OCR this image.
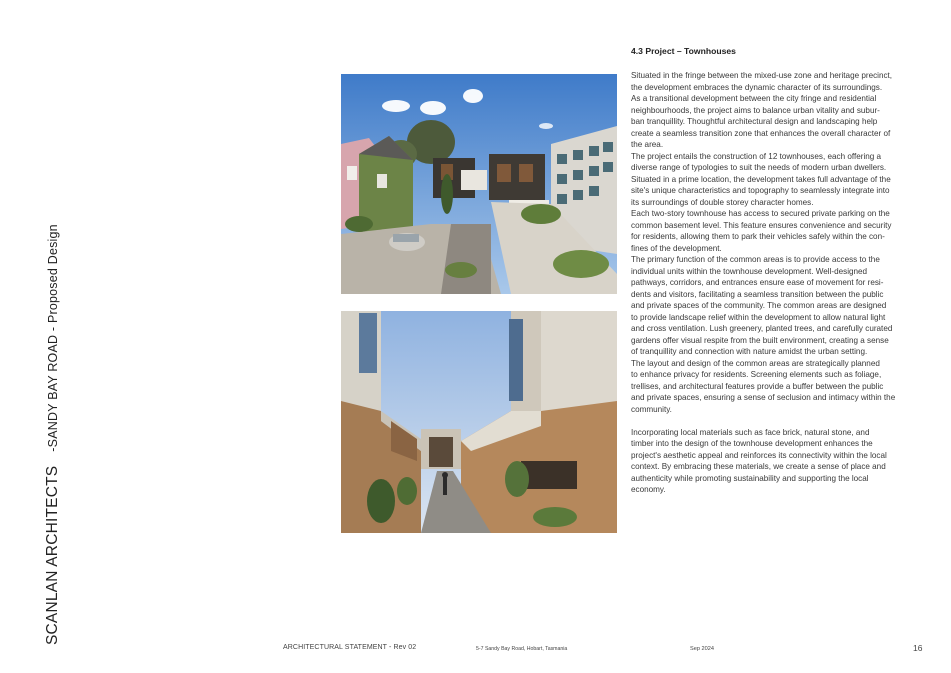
SCANLAN ARCHITECTS-SANDY BAY ROAD - Proposed Design
4.3 Project – Townhouses

Situated in the fringe between the mixed-use zone and heritage precinct,

the development embraces the dynamic character of its surroundings.

As a transitional development between the city fringe and residential

neighbourhoods, the project aims to balance urban vitality and subur-

ban tranquillity. Thoughtful architectural design and landscaping help

create a seamless transition zone that enhances the overall character of

the area.

The project entails the construction of 12 townhouses, each offering a

diverse range of typologies to suit the needs of modern urban dwellers.

Situated in a prime location, the development takes full advantage of the

site's unique characteristics and topography to seamlessly integrate into

its surroundings of double storey character homes.

Each two-story townhouse has access to secured private parking on the

common basement level. This feature ensures convenience and security

for residents, allowing them to park their vehicles safely within the con-

fines of the development.

The primary function of the common areas is to provide access to the

individual units within the townhouse development. Well-designed

pathways, corridors, and entrances ensure ease of movement for resi-

dents and visitors, facilitating a seamless transition between the public

and private spaces of the community. The common areas are designed

to provide landscape relief within the development to allow natural light

and cross ventilation. Lush greenery, planted trees, and carefully curated

gardens offer visual respite from the built environment, creating a sense

of tranquillity and connection with nature amidst the urban setting.

The layout and design of the common areas are strategically planned

to enhance privacy for residents. Screening elements such as foliage,

trellises, and architectural features provide a buffer between the public

and private spaces, ensuring a sense of seclusion and intimacy within the

community.

Incorporating local materials such as face brick, natural stone, and

timber into the design of the townhouse development enhances the

project's aesthetic appeal and reinforces its connectivity within the local

context. By embracing these materials, we create a sense of place and

authenticity while promoting sustainability and supporting the local

economy.

ARCHITECTURAL STATEMENT - Rev 02	5-7 Sandy Bay Road, Hobart, Tasmania	Sep 2024	16
